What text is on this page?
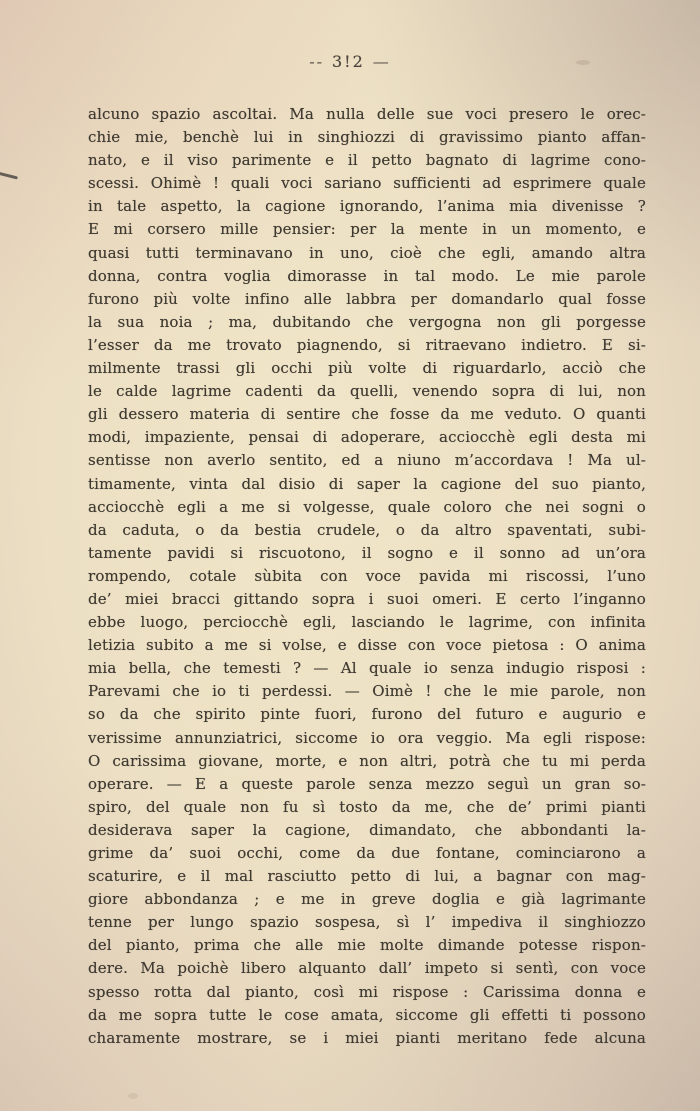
-- 3!2 —
alcuno spazio ascoltai. Ma nulla delle sue voci presero le orec-
chie mie, benchè lui in singhiozzi di gravissimo pianto affan-
nato, e il viso parimente e il petto bagnato di lagrime cono-
scessi. Ohimè ! quali voci sariano sufficienti ad esprimere quale
in tale aspetto, la cagione ignorando, l’anima mia divenisse ?
E mi corsero mille pensier: per la mente in un momento, e
quasi tutti terminavano in uno, cioè che egli, amando altra
donna, contra voglia dimorasse in tal modo. Le mie parole
furono più volte infino alle labbra per domandarlo qual fosse
la sua noia ; ma, dubitando che vergogna non gli porgesse
l’esser da me trovato piagnendo, si ritraevano indietro. E si-
milmente trassi gli occhi più volte di riguardarlo, acciò che
le calde lagrime cadenti da quelli, venendo sopra di lui, non
gli dessero materia di sentire che fosse da me veduto. O quanti
modi, impaziente, pensai di adoperare, acciocchè egli desta mi
sentisse non averlo sentito, ed a niuno m’accordava ! Ma ul-
timamente, vinta dal disio di saper la cagione del suo pianto,
acciocchè egli a me si volgesse, quale coloro che nei sogni o
da caduta, o da bestia crudele, o da altro spaventati, subi-
tamente pavidi si riscuotono, il sogno e il sonno ad un’ora
rompendo, cotale sùbita con voce pavida mi riscossi, l’uno
de’ miei bracci gittando sopra i suoi omeri. E certo l’inganno
ebbe luogo, perciocchè egli, lasciando le lagrime, con infinita
letizia subito a me si volse, e disse con voce pietosa : O anima
mia bella, che temesti ? — Al quale io senza indugio risposi :
Parevami che io ti perdessi. — Oimè ! che le mie parole, non
so da che spirito pinte fuori, furono del futuro e augurio e
verissime annunziatrici, siccome io ora veggio. Ma egli rispose:
O carissima giovane, morte, e non altri, potrà che tu mi perda
operare. — E a queste parole senza mezzo seguì un gran so-
spiro, del quale non fu sì tosto da me, che de’ primi pianti
desiderava saper la cagione, dimandato, che abbondanti la-
grime da’ suoi occhi, come da due fontane, cominciarono a
scaturire, e il mal rasciutto petto di lui, a bagnar con mag-
giore abbondanza ; e me in greve doglia e già lagrimante
tenne per lungo spazio sospesa, sì l’ impediva il singhiozzo
del pianto, prima che alle mie molte dimande potesse rispon-
dere. Ma poichè libero alquanto dall’ impeto si sentì, con voce
spesso rotta dal pianto, così mi rispose : Carissima donna e
da me sopra tutte le cose amata, siccome gli effetti ti possono
charamente mostrare, se i miei pianti meritano fede alcuna
